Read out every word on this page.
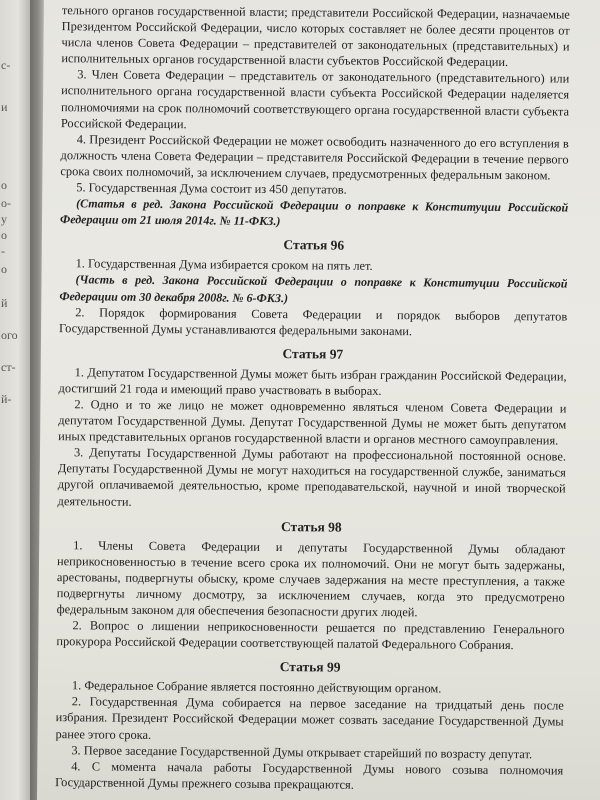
с-
и
о
о-
у
о
-
о
й
ого
ст-
й-

тельного органов государственной власти; представители Российской Федерации, назначаемые Президентом Российской Федерации, число которых составляет не более десяти процентов от числа членов Совета Федерации – представителей от законодательных (представительных) и исполнительных органов государственной власти субъектов Российской Федерации.

3. Член Совета Федерации – представитель от законодательного (представительного) или исполнительного органа государственной власти субъекта Российской Федерации наделяется полномочиями на срок полномочий соответствующего органа государственной власти субъекта Российской Федерации.

4. Президент Российской Федерации не может освободить назначенного до его вступления в должность члена Совета Федерации – представителя Российской Федерации в течение первого срока своих полномочий, за исключением случаев, предусмотренных федеральным законом.

5. Государственная Дума состоит из 450 депутатов.

(Статья в ред. Закона Российской Федерации о поправке к Конституции Российской Федерации от 21 июля 2014г. № 11-ФКЗ.)

Статья 96

1. Государственная Дума избирается сроком на пять лет.

(Часть в ред. Закона Российской Федерации о поправке к Конституции Российской Федерации от 30 декабря 2008г. № 6-ФКЗ.)

2. Порядок формирования Совета Федерации и порядок выборов депутатов Государственной Думы устанавливаются федеральными законами.

Статья 97

1. Депутатом Государственной Думы может быть избран гражданин Российской Федерации, достигший 21 года и имеющий право участвовать в выборах.

2. Одно и то же лицо не может одновременно являться членом Совета Федерации и депутатом Государственной Думы. Депутат Государственной Думы не может быть депутатом иных представительных органов государственной власти и органов местного самоуправления.

3. Депутаты Государственной Думы работают на профессиональной постоянной основе. Депутаты Государственной Думы не могут находиться на государственной службе, заниматься другой оплачиваемой деятельностью, кроме преподавательской, научной и иной творческой деятельности.

Статья 98

1. Члены Совета Федерации и депутаты Государственной Думы обладают неприкосновенностью в течение всего срока их полномочий. Они не могут быть задержаны, арестованы, подвергнуты обыску, кроме случаев задержания на месте преступления, а также подвергнуты личному досмотру, за исключением случаев, когда это предусмотрено федеральным законом для обеспечения безопасности других людей.

2. Вопрос о лишении неприкосновенности решается по представлению Генерального прокурора Российской Федерации соответствующей палатой Федерального Собрания.

Статья 99

1. Федеральное Собрание является постоянно действующим органом.

2. Государственная Дума собирается на первое заседание на тридцатый день после избрания. Президент Российской Федерации может созвать заседание Государственной Думы ранее этого срока.

3. Первое заседание Государственной Думы открывает старейший по возрасту депутат.

4. С момента начала работы Государственной Думы нового созыва полномочия Государственной Думы прежнего созыва прекращаются.
